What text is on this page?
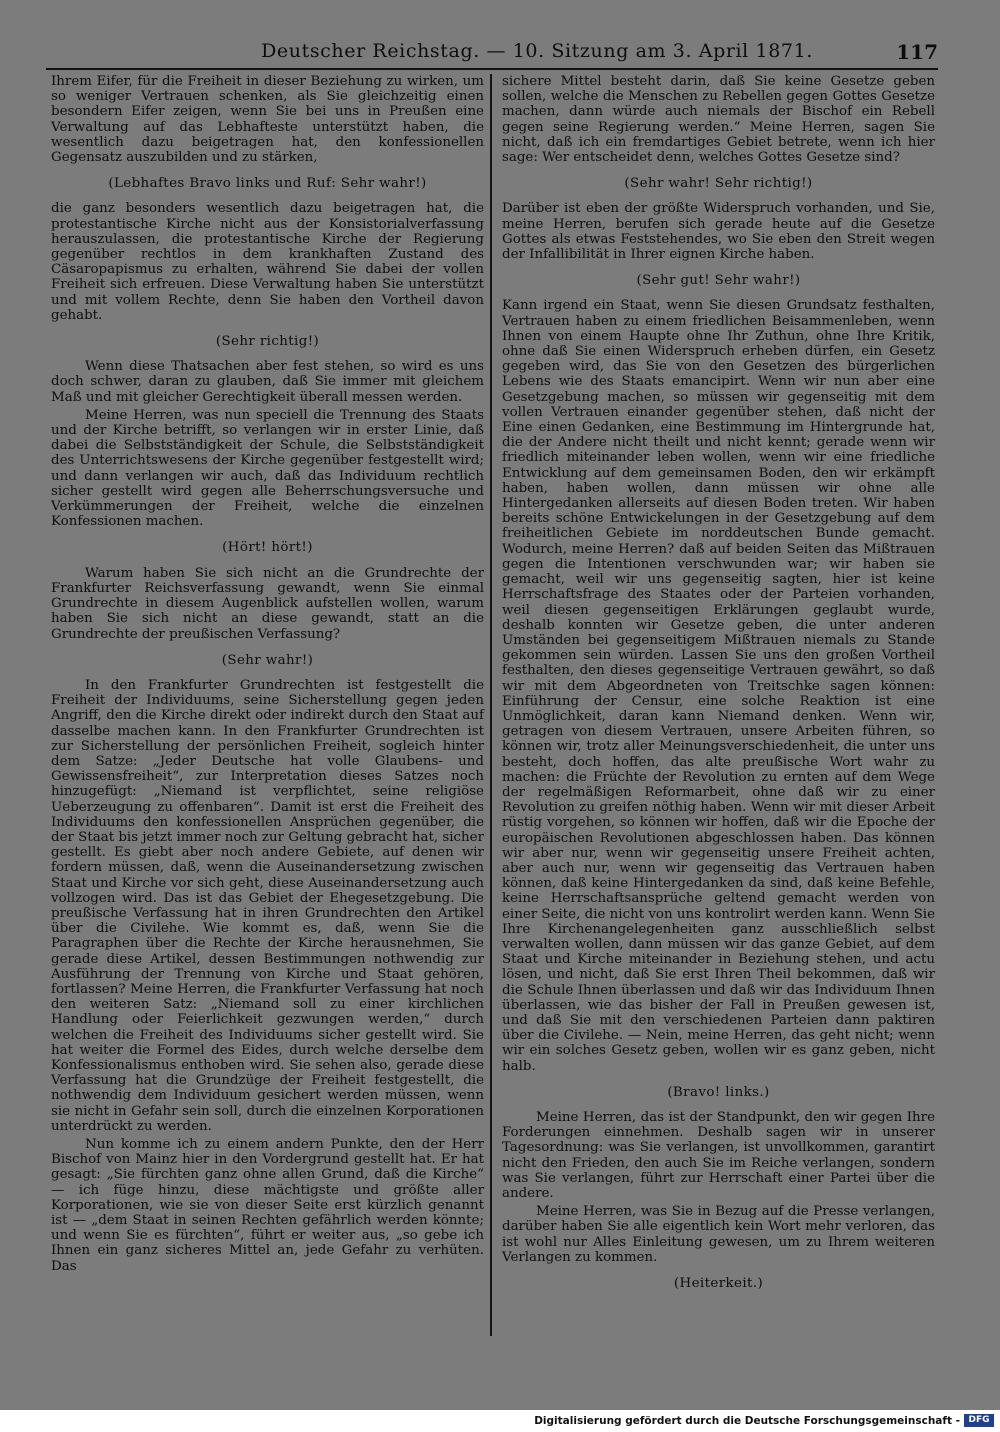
Deutscher Reichstag. — 10. Sitzung am 3. April 1871.	117

Ihrem Eifer, für die Freiheit in dieser Beziehung zu wirken, um so weniger Vertrauen schenken, als Sie gleichzeitig einen besondern Eifer zeigen, wenn Sie bei uns in Preußen eine Verwaltung auf das Lebhafteste unterstützt haben, die wesentlich dazu beigetragen hat, den konfessionellen Gegensatz auszubilden und zu stärken,

(Lebhaftes Bravo links und Ruf: Sehr wahr!)

die ganz besonders wesentlich dazu beigetragen hat, die protestantische Kirche nicht aus der Konsistorialverfassung herauszulassen, die protestantische Kirche der Regierung gegenüber rechtlos in dem krankhaften Zustand des Cäsaropapismus zu erhalten, während Sie dabei der vollen Freiheit sich erfreuen. Diese Verwaltung haben Sie unterstützt und mit vollem Rechte, denn Sie haben den Vortheil davon gehabt.

(Sehr richtig!)

Wenn diese Thatsachen aber fest stehen, so wird es uns doch schwer, daran zu glauben, daß Sie immer mit gleichem Maß und mit gleicher Gerechtigkeit überall messen werden.

Meine Herren, was nun speciell die Trennung des Staats und der Kirche betrifft, so verlangen wir in erster Linie, daß dabei die Selbstständigkeit der Schule, die Selbstständigkeit des Unterrichtswesens der Kirche gegenüber festgestellt wird; und dann verlangen wir auch, daß das Individuum rechtlich sicher gestellt wird gegen alle Beherrschungsversuche und Verkümmerungen der Freiheit, welche die einzelnen Konfessionen machen.

(Hört! hört!)

Warum haben Sie sich nicht an die Grundrechte der Frankfurter Reichsverfassung gewandt, wenn Sie einmal Grundrechte in diesem Augenblick aufstellen wollen, warum haben Sie sich nicht an diese gewandt, statt an die Grundrechte der preußischen Verfassung?

(Sehr wahr!)

In den Frankfurter Grundrechten ist festgestellt die Freiheit der Individuums, seine Sicherstellung gegen jeden Angriff, den die Kirche direkt oder indirekt durch den Staat auf dasselbe machen kann. In den Frankfurter Grundrechten ist zur Sicherstellung der persönlichen Freiheit, sogleich hinter dem Satze: „Jeder Deutsche hat volle Glaubens- und Gewissensfreiheit“, zur Interpretation dieses Satzes noch hinzugefügt: „Niemand ist verpflichtet, seine religiöse Ueberzeugung zu offenbaren“. Damit ist erst die Freiheit des Individuums den konfessionellen Ansprüchen gegenüber, die der Staat bis jetzt immer noch zur Geltung gebracht hat, sicher gestellt. Es giebt aber noch andere Gebiete, auf denen wir fordern müssen, daß, wenn die Auseinandersetzung zwischen Staat und Kirche vor sich geht, diese Auseinandersetzung auch vollzogen wird. Das ist das Gebiet der Ehegesetzgebung. Die preußische Verfassung hat in ihren Grundrechten den Artikel über die Civilehe. Wie kommt es, daß, wenn Sie die Paragraphen über die Rechte der Kirche herausnehmen, Sie gerade diese Artikel, dessen Bestimmungen nothwendig zur Ausführung der Trennung von Kirche und Staat gehören, fortlassen? Meine Herren, die Frankfurter Verfassung hat noch den weiteren Satz: „Niemand soll zu einer kirchlichen Handlung oder Feierlichkeit gezwungen werden,“ durch welchen die Freiheit des Individuums sicher gestellt wird. Sie hat weiter die Formel des Eides, durch welche derselbe dem Konfessionalismus enthoben wird. Sie sehen also, gerade diese Verfassung hat die Grundzüge der Freiheit festgestellt, die nothwendig dem Individuum gesichert werden müssen, wenn sie nicht in Gefahr sein soll, durch die einzelnen Korporationen unterdrückt zu werden.

Nun komme ich zu einem andern Punkte, den der Herr Bischof von Mainz hier in den Vordergrund gestellt hat. Er hat gesagt: „Sie fürchten ganz ohne allen Grund, daß die Kirche“ — ich füge hinzu, diese mächtigste und größte aller Korporationen, wie sie von dieser Seite erst kürzlich genannt ist — „dem Staat in seinen Rechten gefährlich werden könnte; und wenn Sie es fürchten“, führt er weiter aus, „so gebe ich Ihnen ein ganz sicheres Mittel an, jede Gefahr zu verhüten. Das

sichere Mittel besteht darin, daß Sie keine Gesetze geben sollen, welche die Menschen zu Rebellen gegen Gottes Gesetze machen, dann würde auch niemals der Bischof ein Rebell gegen seine Regierung werden.“ Meine Herren, sagen Sie nicht, daß ich ein fremdartiges Gebiet betrete, wenn ich hier sage: Wer entscheidet denn, welches Gottes Gesetze sind?

(Sehr wahr! Sehr richtig!)

Darüber ist eben der größte Widerspruch vorhanden, und Sie, meine Herren, berufen sich gerade heute auf die Gesetze Gottes als etwas Feststehendes, wo Sie eben den Streit wegen der Infallibilität in Ihrer eignen Kirche haben.

(Sehr gut! Sehr wahr!)

Kann irgend ein Staat, wenn Sie diesen Grundsatz festhalten, Vertrauen haben zu einem friedlichen Beisammenleben, wenn Ihnen von einem Haupte ohne Ihr Zuthun, ohne Ihre Kritik, ohne daß Sie einen Widerspruch erheben dürfen, ein Gesetz gegeben wird, das Sie von den Gesetzen des bürgerlichen Lebens wie des Staats emancipirt. Wenn wir nun aber eine Gesetzgebung machen, so müssen wir gegenseitig mit dem vollen Vertrauen einander gegenüber stehen, daß nicht der Eine einen Gedanken, eine Bestimmung im Hintergrunde hat, die der Andere nicht theilt und nicht kennt; gerade wenn wir friedlich miteinander leben wollen, wenn wir eine friedliche Entwicklung auf dem gemeinsamen Boden, den wir erkämpft haben, haben wollen, dann müssen wir ohne alle Hintergedanken allerseits auf diesen Boden treten. Wir haben bereits schöne Entwickelungen in der Gesetzgebung auf dem freiheitlichen Gebiete im norddeutschen Bunde gemacht. Wodurch, meine Herren? daß auf beiden Seiten das Mißtrauen gegen die Intentionen verschwunden war; wir haben sie gemacht, weil wir uns gegenseitig sagten, hier ist keine Herrschaftsfrage des Staates oder der Parteien vorhanden, weil diesen gegenseitigen Erklärungen geglaubt wurde, deshalb konnten wir Gesetze geben, die unter anderen Umständen bei gegenseitigem Mißtrauen niemals zu Stande gekommen sein würden. Lassen Sie uns den großen Vortheil festhalten, den dieses gegenseitige Vertrauen gewährt, so daß wir mit dem Abgeordneten von Treitschke sagen können: Einführung der Censur, eine solche Reaktion ist eine Unmöglichkeit, daran kann Niemand denken. Wenn wir, getragen von diesem Vertrauen, unsere Arbeiten führen, so können wir, trotz aller Meinungsverschiedenheit, die unter uns besteht, doch hoffen, das alte preußische Wort wahr zu machen: die Früchte der Revolution zu ernten auf dem Wege der regelmäßigen Reformarbeit, ohne daß wir zu einer Revolution zu greifen nöthig haben. Wenn wir mit dieser Arbeit rüstig vorgehen, so können wir hoffen, daß wir die Epoche der europäischen Revolutionen abgeschlossen haben. Das können wir aber nur, wenn wir gegenseitig unsere Freiheit achten, aber auch nur, wenn wir gegenseitig das Vertrauen haben können, daß keine Hintergedanken da sind, daß keine Befehle, keine Herrschaftsansprüche geltend gemacht werden von einer Seite, die nicht von uns kontrolirt werden kann. Wenn Sie Ihre Kirchenangelegenheiten ganz ausschließlich selbst verwalten wollen, dann müssen wir das ganze Gebiet, auf dem Staat und Kirche miteinander in Beziehung stehen, und actu lösen, und nicht, daß Sie erst Ihren Theil bekommen, daß wir die Schule Ihnen überlassen und daß wir das Individuum Ihnen überlassen, wie das bisher der Fall in Preußen gewesen ist, und daß Sie mit den verschiedenen Parteien dann paktiren über die Civilehe. — Nein, meine Herren, das geht nicht; wenn wir ein solches Gesetz geben, wollen wir es ganz geben, nicht halb.

(Bravo! links.)

Meine Herren, das ist der Standpunkt, den wir gegen Ihre Forderungen einnehmen. Deshalb sagen wir in unserer Tagesordnung: was Sie verlangen, ist unvollkommen, garantirt nicht den Frieden, den auch Sie im Reiche verlangen, sondern was Sie verlangen, führt zur Herrschaft einer Partei über die andere.

Meine Herren, was Sie in Bezug auf die Presse verlangen, darüber haben Sie alle eigentlich kein Wort mehr verloren, das ist wohl nur Alles Einleitung gewesen, um zu Ihrem weiteren Verlangen zu kommen.

(Heiterkeit.)

Digitalisierung gefördert durch die Deutsche Forschungsgemeinschaft - DFG
